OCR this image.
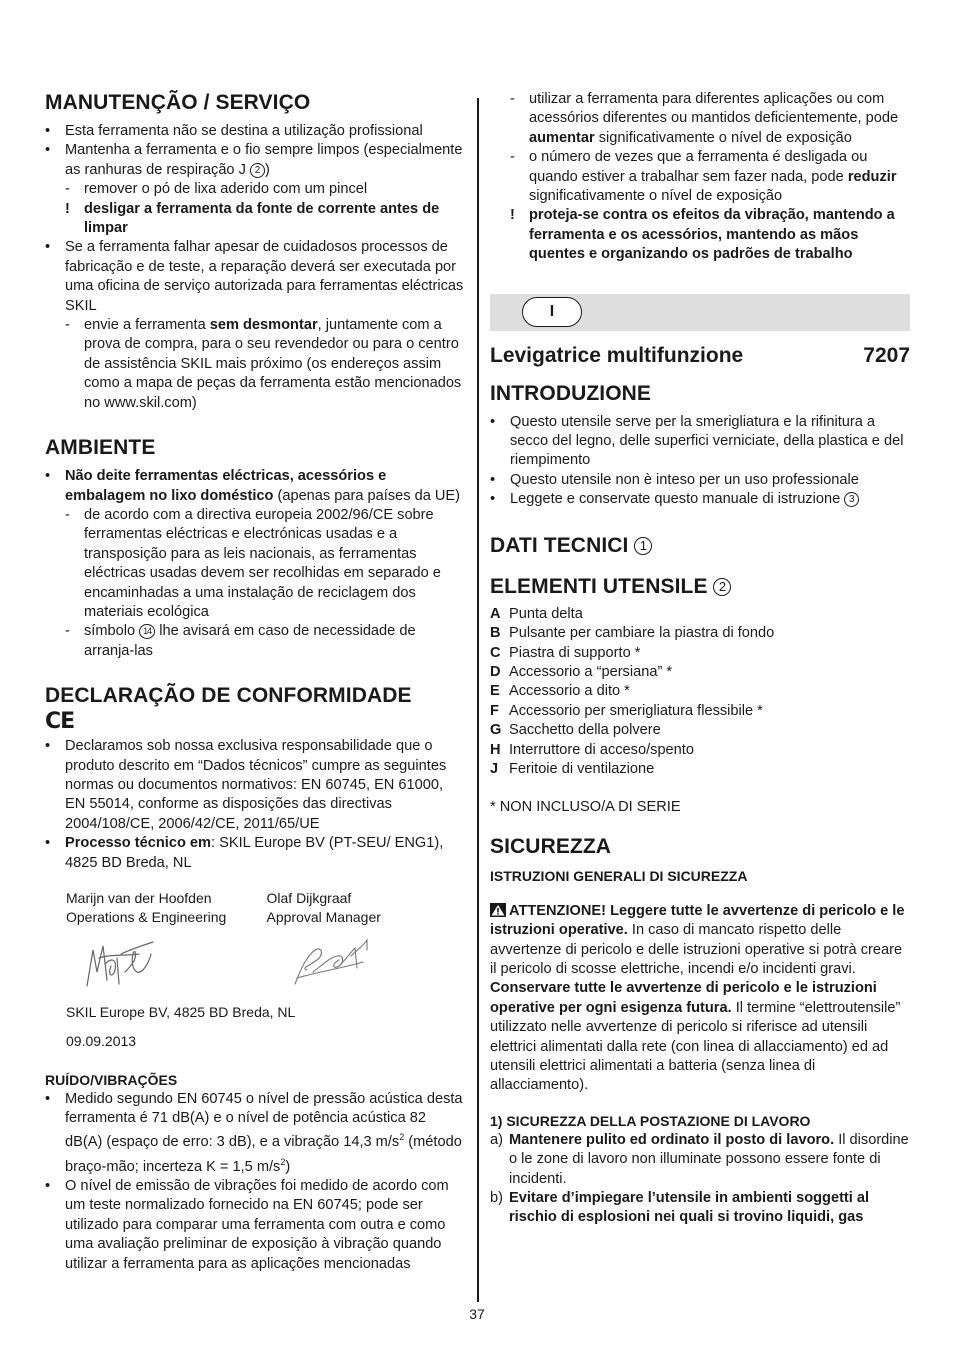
MANUTENÇÃO / SERVIÇO

• Esta ferramenta não se destina a utilização profissional
• Mantenha a ferramenta e o fio sempre limpos (especialmente as ranhuras de respiração J 2 )
- remover o pó de lixa aderido com um pincel
! desligar a ferramenta da fonte de corrente antes de limpar
• Se a ferramenta falhar apesar de cuidadosos processos de fabricação e de teste, a reparação deverá ser executada por uma oficina de serviço autorizada para ferramentas eléctricas SKIL
- envie a ferramenta sem desmontar, juntamente com a prova de compra, para o seu revendedor ou para o centro de assistência SKIL mais próximo (os endereços assim como a mapa de peças da ferramenta estão mencionados no www.skil.com)

AMBIENTE

• Não deite ferramentas eléctricas, acessórios e embalagem no lixo doméstico (apenas para países da UE)
- de acordo com a directiva europeia 2002/96/CE sobre ferramentas eléctricas e electrónicas usadas e a transposição para as leis nacionais, as ferramentas eléctricas usadas devem ser recolhidas em separado e encaminhadas a uma instalação de reciclagem dos materiais ecológica
- símbolo 14 lhe avisará em caso de necessidade de arranja-las

DECLARAÇÃO DE CONFORMIDADE

CE

• Declaramos sob nossa exclusiva responsabilidade que o produto descrito em “Dados técnicos” cumpre as seguintes normas ou documentos normativos: EN 60745, EN 61000, EN 55014, conforme as disposições das directivas 2004/108/CE, 2006/42/CE, 2011/65/UE
• Processo técnico em: SKIL Europe BV (PT-SEU/ ENG1), 4825 BD Breda, NL

Marijn van der Hoofden

Operations & Engineering

Olaf Dijkgraaf

Approval Manager

SKIL Europe BV, 4825 BD Breda, NL

09.09.2013

RUÍDO/VIBRAÇÕES

• Medido segundo EN 60745 o nível de pressão acústica desta ferramenta é 71 dB(A) e o nível de potência acústica 82 dB(A) (espaço de erro: 3 dB), e a vibração 14,3 $m/s^2$ (método braço-mão; incerteza K = 1,5 $m/s^2$)
• O nível de emissão de vibrações foi medido de acordo com um teste normalizado fornecido na EN 60745; pode ser utilizado para comparar uma ferramenta com outra e como uma avaliação preliminar de exposição à vibração quando utilizar a ferramenta para as aplicações mencionadas
- utilizar a ferramenta para diferentes aplicações ou com acessórios diferentes ou mantidos deficientemente, pode aumentar significativamente o nível de exposição
- o número de vezes que a ferramenta é desligada ou quando estiver a trabalhar sem fazer nada, pode reduzir significativamente o nível de exposição
! proteja-se contra os efeitos da vibração, mantendo a ferramenta e os acessórios, mantendo as mãos quentes e organizando os padrões de trabalho
I
Levigatrice multifunzione	7207

INTRODUZIONE

• Questo utensile serve per la smerigliatura e la rifinitura a secco del legno, delle superfici verniciate, della plastica e del riempimento
• Questo utensile non è inteso per un uso professionale
• Leggete e conservate questo manuale di istruzione 3

DATI TECNICI 1

ELEMENTI UTENSILE 2

A Punta delta
B Pulsante per cambiare la piastra di fondo
C Piastra di supporto *
D Accessorio a “persiana” *
E Accessorio a dito *
F Accessorio per smerigliatura flessibile *
G Sacchetto della polvere
H Interruttore di acceso/spento
J Feritoie di ventilazione

* NON INCLUSO/A DI SERIE

SICUREZZA

ISTRUZIONI GENERALI DI SICUREZZA

ATTENZIONE! Leggere tutte le avvertenze di pericolo e le istruzioni operative. In caso di mancato rispetto delle avvertenze di pericolo e delle istruzioni operative si potrà creare il pericolo di scosse elettriche, incendi e/o incidenti gravi. Conservare tutte le avvertenze di pericolo e le istruzioni operative per ogni esigenza futura. Il termine “elettroutensile” utilizzato nelle avvertenze di pericolo si riferisce ad utensili elettrici alimentati dalla rete (con linea di allacciamento) ed ad utensili elettrici alimentati a batteria (senza linea di allacciamento).

1) SICUREZZA DELLA POSTAZIONE DI LAVORO

a) Mantenere pulito ed ordinato il posto di lavoro. Il disordine o le zone di lavoro non illuminate possono essere fonte di incidenti.
b) Evitare d’impiegare l’utensile in ambienti soggetti al rischio di esplosioni nei quali si trovino liquidi, gas
37
